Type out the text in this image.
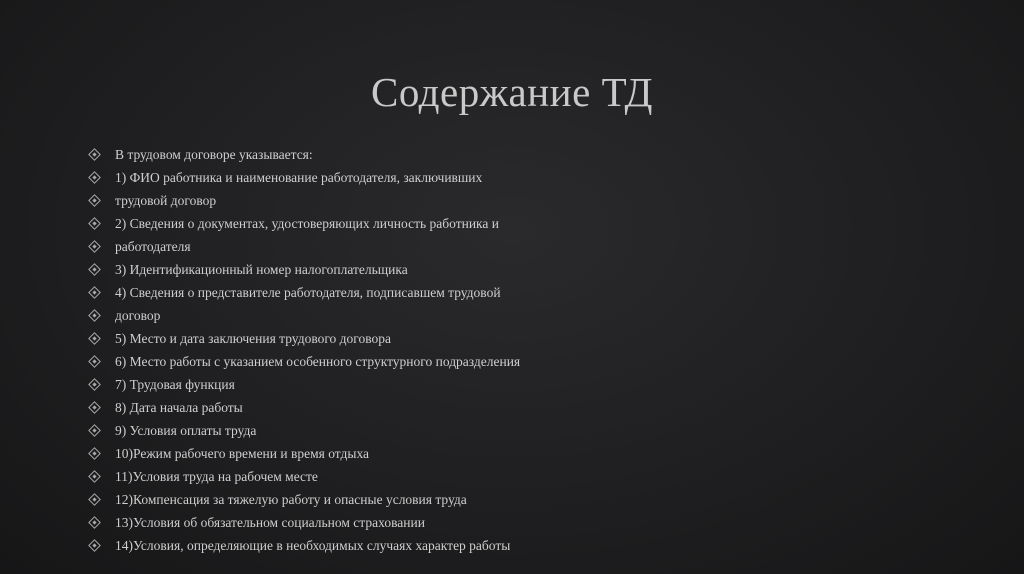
Содержание ТД
В трудовом договоре указывается:
1) ФИО работника и наименование работодателя, заключивших
трудовой договор
2) Сведения о документах, удостоверяющих личность работника и
работодателя
3) Идентификационный номер налогоплательщика
4) Сведения о представителе работодателя, подписавшем трудовой
договор
5) Место и дата заключения трудового договора
6) Место работы с указанием особенного структурного подразделения
7) Трудовая функция
8) Дата начала работы
9) Условия оплаты труда
10)Режим рабочего времени и время отдыха
11)Условия труда на рабочем месте
12)Компенсация за тяжелую работу и опасные условия труда
13)Условия об обязательном социальном страховании
14)Условия, определяющие в необходимых случаях характер работы
